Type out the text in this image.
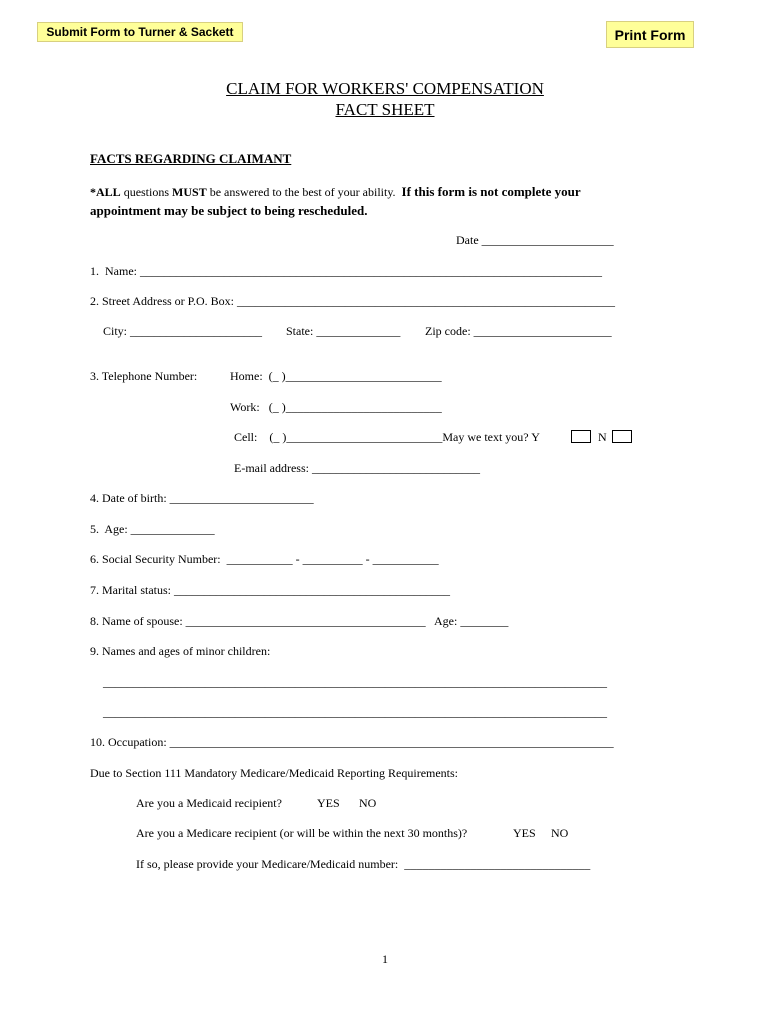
Submit Form to Turner & Sackett	Print Form
CLAIM FOR WORKERS' COMPENSATION
FACT SHEET
FACTS REGARDING CLAIMANT
*ALL questions MUST be answered to the best of your ability.  If this form is not complete your
appointment may be subject to being rescheduled.
Date ______________________
1.  Name: _____________________________________________________________________________
2. Street Address or P.O. Box: _______________________________________________________________
City: ______________________ State: ______________ Zip code: _______________________
3. Telephone Number:	Home:  (_ )__________________________
Work:   (_ )__________________________
Cell:    (_ )__________________________May we text you? Y	N
E-mail address: ____________________________
4. Date of birth: ________________________
5.  Age: ______________
6. Social Security Number:  ___________ - __________ - ___________
7. Marital status: ______________________________________________
8. Name of spouse: ________________________________________   Age: ________
9. Names and ages of minor children:
____________________________________________________________________________________
____________________________________________________________________________________
10. Occupation: __________________________________________________________________________
Due to Section 111 Mandatory Medicare/Medicaid Reporting Requirements:
Are you a Medicaid recipient?	YES NO
Are you a Medicare recipient (or will be within the next 30 months)?	YES NO
If so, please provide your Medicare/Medicaid number:  _______________________________
1
